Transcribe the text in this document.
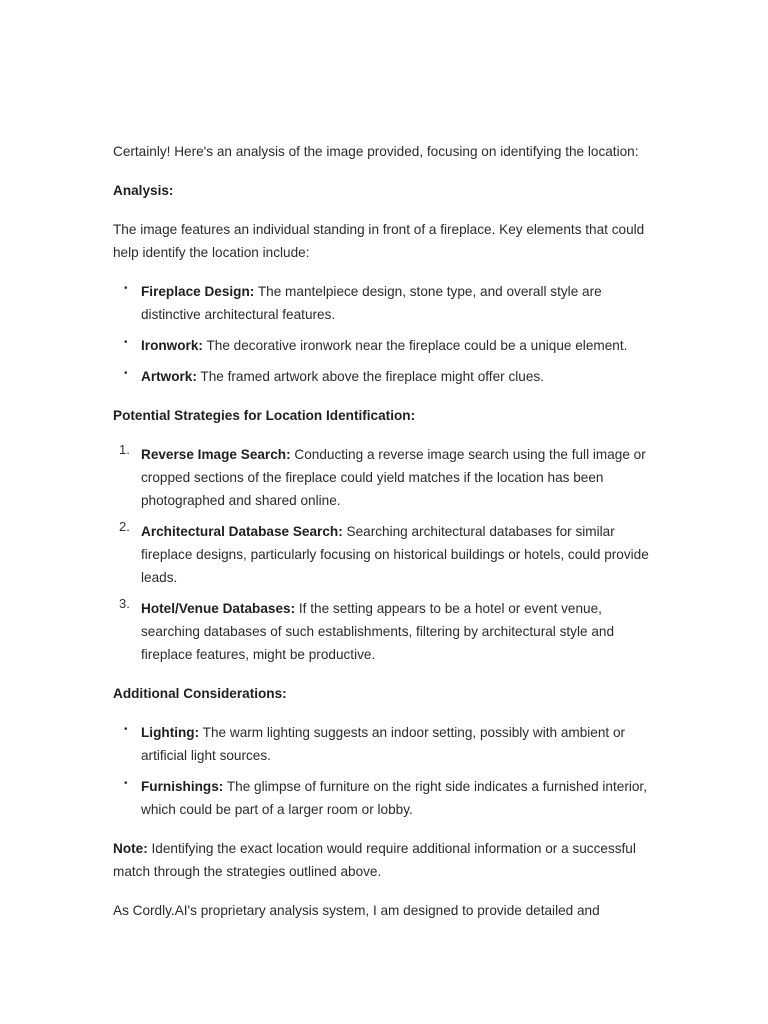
Certainly! Here's an analysis of the image provided, focusing on identifying the location:

Analysis:

The image features an individual standing in front of a fireplace. Key elements that could help identify the location include:

• Fireplace Design: The mantelpiece design, stone type, and overall style are distinctive architectural features.
• Ironwork: The decorative ironwork near the fireplace could be a unique element.
• Artwork: The framed artwork above the fireplace might offer clues.

Potential Strategies for Location Identification:

1. Reverse Image Search: Conducting a reverse image search using the full image or cropped sections of the fireplace could yield matches if the location has been photographed and shared online.
2. Architectural Database Search: Searching architectural databases for similar fireplace designs, particularly focusing on historical buildings or hotels, could provide leads.
3. Hotel/Venue Databases: If the setting appears to be a hotel or event venue, searching databases of such establishments, filtering by architectural style and fireplace features, might be productive.

Additional Considerations:

• Lighting: The warm lighting suggests an indoor setting, possibly with ambient or artificial light sources.
• Furnishings: The glimpse of furniture on the right side indicates a furnished interior, which could be part of a larger room or lobby.

Note: Identifying the exact location would require additional information or a successful match through the strategies outlined above.

As Cordly.AI's proprietary analysis system, I am designed to provide detailed and
